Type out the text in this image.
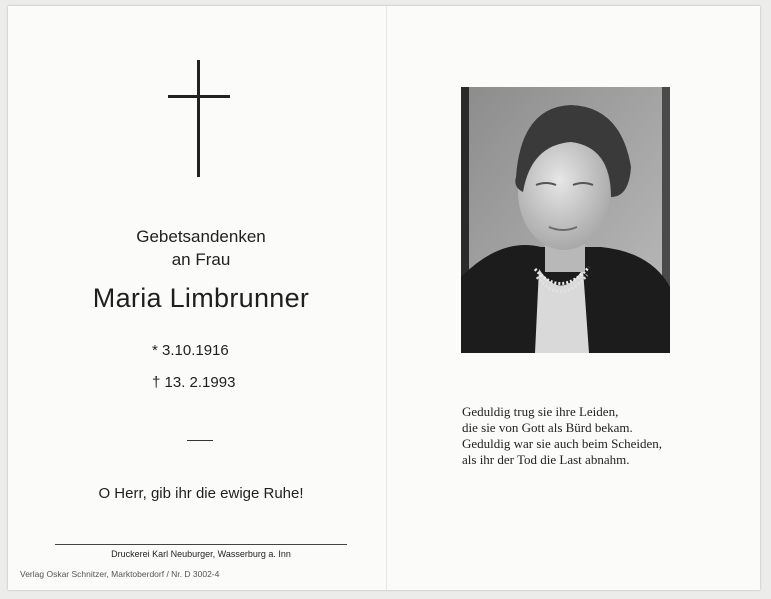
Gebetsandenken
an Frau
Maria Limbrunner
* 3.10.1916
† 13. 2.1993
O Herr, gib ihr die ewige Ruhe!
Druckerei Karl Neuburger, Wasserburg a. Inn
Verlag Oskar Schnitzer, Marktoberdorf / Nr. D 3002-4
Geduldig trug sie ihre Leiden,
die sie von Gott als Bürd bekam.
Geduldig war sie auch beim Scheiden,
als ihr der Tod die Last abnahm.
